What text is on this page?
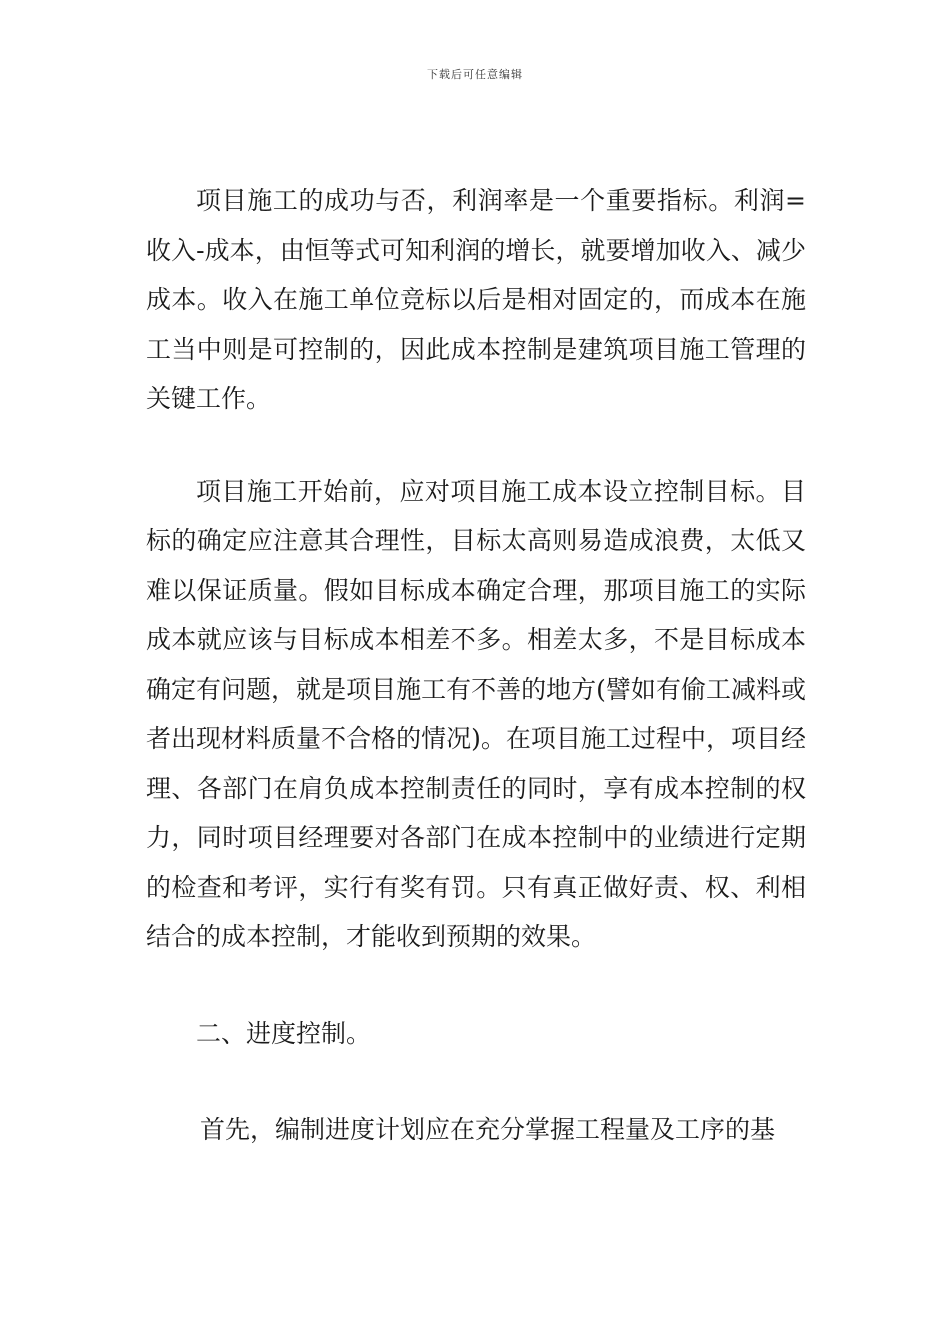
下载后可任意编辑

项目施工的成功与否，利润率是一个重要指标。利润=收入-成本，由恒等式可知利润的增长，就要增加收入、减少成本。收入在施工单位竞标以后是相对固定的，而成本在施工当中则是可控制的，因此成本控制是建筑项目施工管理的关键工作。

项目施工开始前，应对项目施工成本设立控制目标。目标的确定应注意其合理性，目标太高则易造成浪费，太低又难以保证质量。假如目标成本确定合理，那项目施工的实际成本就应该与目标成本相差不多。相差太多，不是目标成本确定有问题，就是项目施工有不善的地方(譬如有偷工减料或者出现材料质量不合格的情况)。在项目施工过程中，项目经理、各部门在肩负成本控制责任的同时，享有成本控制的权力，同时项目经理要对各部门在成本控制中的业绩进行定期的检查和考评，实行有奖有罚。只有真正做好责、权、利相结合的成本控制，才能收到预期的效果。

二、进度控制。

首先，编制进度计划应在充分掌握工程量及工序的基
